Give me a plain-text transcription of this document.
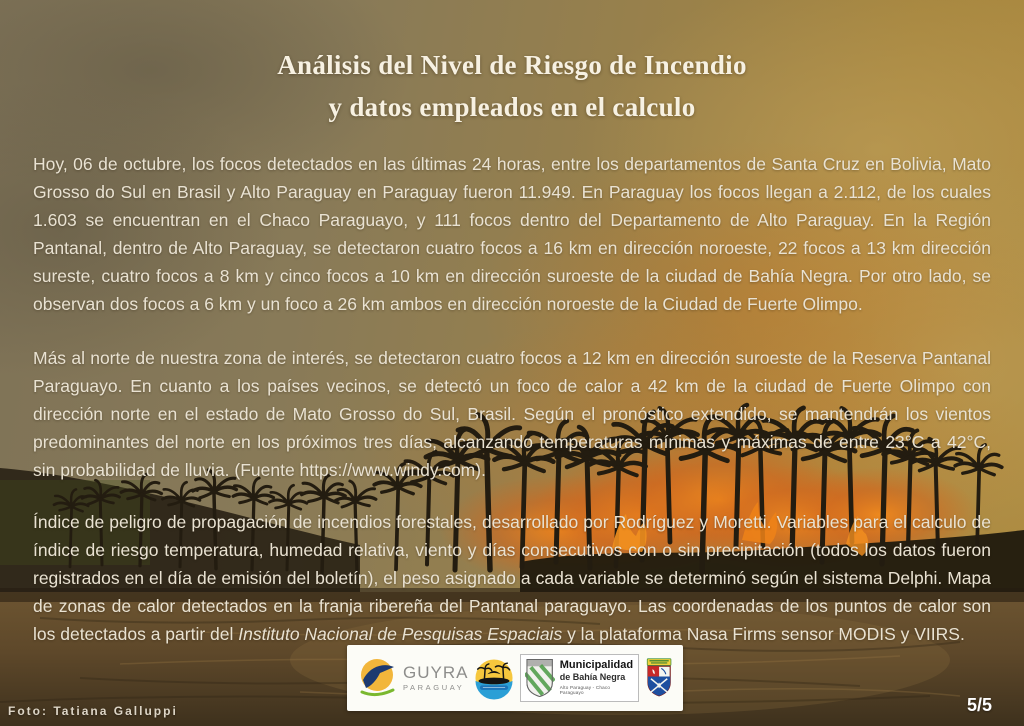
Análisis del Nivel de Riesgo de Incendio
y datos empleados en el calculo

Hoy, 06 de octubre, los focos detectados en las últimas 24 horas, entre los departamentos de Santa Cruz en Bolivia, Mato Grosso do Sul en Brasil y Alto Paraguay en Paraguay fueron 11.949. En Paraguay los focos llegan a 2.112, de los cuales 1.603 se encuentran en el Chaco Paraguayo, y 111 focos dentro del Departamento de Alto Paraguay. En la Región Pantanal, dentro de Alto Paraguay, se detectaron cuatro focos a 16 km en dirección noroeste, 22 focos a 13 km dirección sureste, cuatro focos a 8 km y cinco focos a 10 km en dirección suroeste de la ciudad de Bahía Negra. Por otro lado, se observan dos focos a 6 km y un foco a 26 km ambos en dirección noroeste de la Ciudad de Fuerte Olimpo.

Más al norte de nuestra zona de interés, se detectaron cuatro focos a 12 km en dirección suroeste de la Reserva Pantanal Paraguayo. En cuanto a los países vecinos, se detectó un foco de calor a 42 km de la ciudad de Fuerte Olimpo con dirección norte en el estado de Mato Grosso do Sul, Brasil. Según el pronóstico extendido, se mantendrán los vientos predominantes del norte en los próximos tres días, alcanzando temperaturas mínimas y máximas de entre 23°C a 42°C, sin probabilidad de lluvia. (Fuente https://www.windy.com).

Índice de peligro de propagación de incendios forestales, desarrollado por Rodríguez y Moretti. Variables para el calculo de índice de riesgo temperatura, humedad relativa, viento y días consecutivos con o sin precipitación (todos los datos fueron registrados en el día de emisión del boletín), el peso asignado a cada variable se determinó según el sistema Delphi. Mapa de zonas de calor detectados en la franja ribereña del Pantanal paraguayo. Las coordenadas de los puntos de calor son los detectados a partir del Instituto Nacional de Pesquisas Espaciais y la plataforma Nasa Firms sensor MODIS y VIIRS.

GUYRA
PARAGUAY
Municipalidad
de Bahía Negra
Alto Paraguay - Chaco Paraguayo
Foto: Tatiana Galluppi	5/5
